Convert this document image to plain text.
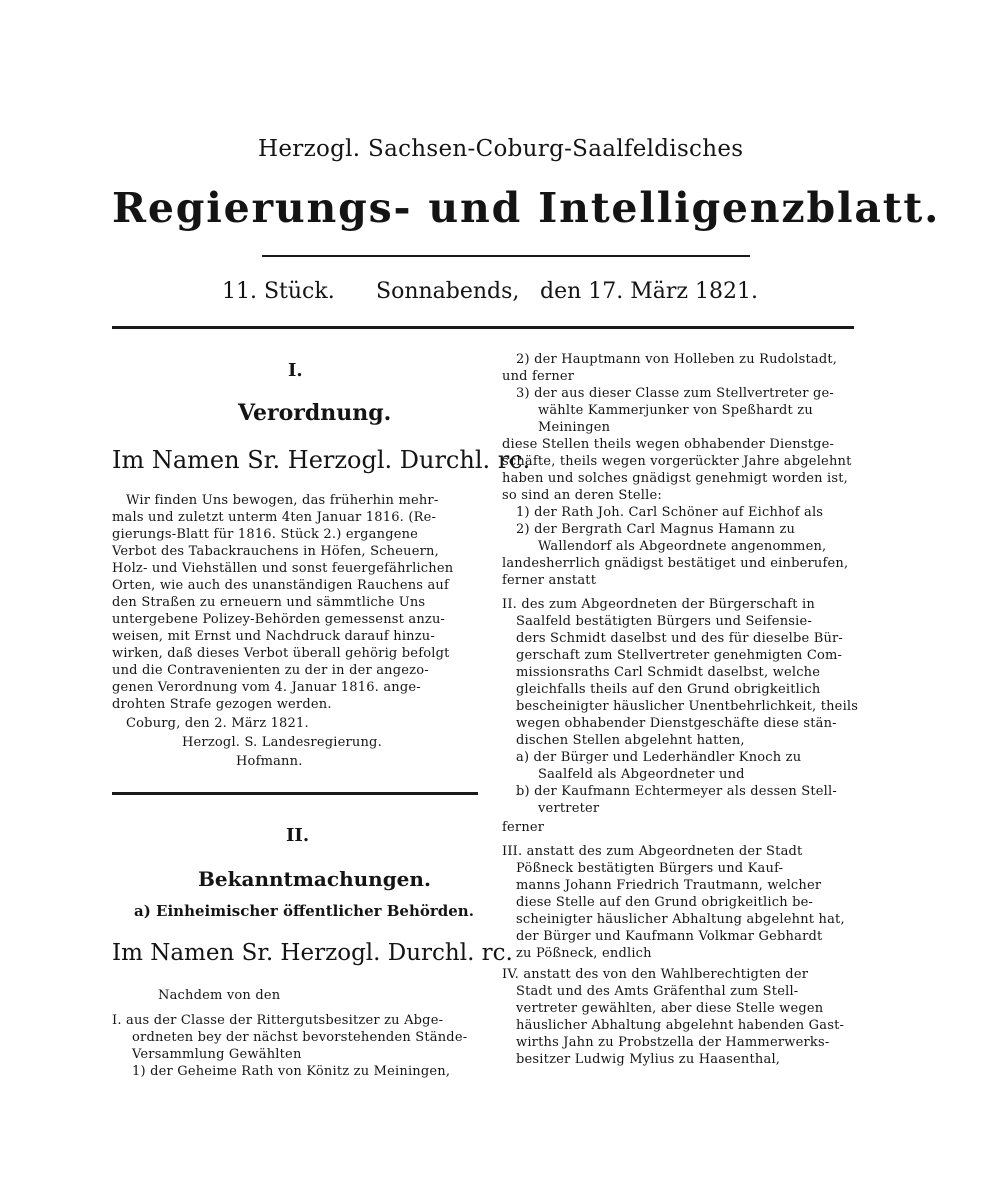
Herzogl. Sachsen-Coburg-Saalfeldisches
Regierungs- und Intelligenzblatt.
11. Stück. Sonnabends, den 17. März 1821.
I.
Verordnung.
Im Namen Sr. Herzogl. Durchl. rc.
Wir finden Uns bewogen, das früherhin mehr-
mals und zuletzt unterm 4ten Januar 1816. (Re-
gierungs-Blatt für 1816. Stück 2.) ergangene
Verbot des Tabackrauchens in Höfen, Scheuern,
Holz- und Viehställen und sonst feuergefährlichen
Orten, wie auch des unanständigen Rauchens auf
den Straßen zu erneuern und sämmtliche Uns
untergebene Polizey-Behörden gemessenst anzu-
weisen, mit Ernst und Nachdruck darauf hinzu-
wirken, daß dieses Verbot überall gehörig befolgt
und die Contravenienten zu der in der angezo-
genen Verordnung vom 4. Januar 1816. ange-
drohten Strafe gezogen werden.
Coburg, den 2. März 1821.
Herzogl. S. Landesregierung.
Hofmann.
II.
Bekanntmachungen.
a) Einheimischer öffentlicher Behörden.
Im Namen Sr. Herzogl. Durchl. rc.
Nachdem von den
I. aus der Classe der Rittergutsbesitzer zu Abge-
ordneten bey der nächst bevorstehenden Stände-
Versammlung Gewählten
1) der Geheime Rath von Könitz zu Meiningen,
2) der Hauptmann von Holleben zu Rudolstadt,
und ferner
3) der aus dieser Classe zum Stellvertreter ge-
wählte Kammerjunker von Speßhardt zu
Meiningen
diese Stellen theils wegen obhabender Dienstge-
schäfte, theils wegen vorgerückter Jahre abgelehnt
haben und solches gnädigst genehmigt worden ist,
so sind an deren Stelle:
1) der Rath Joh. Carl Schöner auf Eichhof als
2) der Bergrath Carl Magnus Hamann zu
Wallendorf als Abgeordnete angenommen,
landesherrlich gnädigst bestätiget und einberufen,
ferner anstatt
II. des zum Abgeordneten der Bürgerschaft in
Saalfeld bestätigten Bürgers und Seifensie-
ders Schmidt daselbst und des für dieselbe Bür-
gerschaft zum Stellvertreter genehmigten Com-
missionsraths Carl Schmidt daselbst, welche
gleichfalls theils auf den Grund obrigkeitlich
bescheinigter häuslicher Unentbehrlichkeit, theils
wegen obhabender Dienstgeschäfte diese stän-
dischen Stellen abgelehnt hatten,
a) der Bürger und Lederhändler Knoch zu
Saalfeld als Abgeordneter und
b) der Kaufmann Echtermeyer als dessen Stell-
vertreter
ferner
III. anstatt des zum Abgeordneten der Stadt
Pößneck bestätigten Bürgers und Kauf-
manns Johann Friedrich Trautmann, welcher
diese Stelle auf den Grund obrigkeitlich be-
scheinigter häuslicher Abhaltung abgelehnt hat,
der Bürger und Kaufmann Volkmar Gebhardt
zu Pößneck, endlich
IV. anstatt des von den Wahlberechtigten der
Stadt und des Amts Gräfenthal zum Stell-
vertreter gewählten, aber diese Stelle wegen
häuslicher Abhaltung abgelehnt habenden Gast-
wirths Jahn zu Probstzella der Hammerwerks-
besitzer Ludwig Mylius zu Haasenthal,
